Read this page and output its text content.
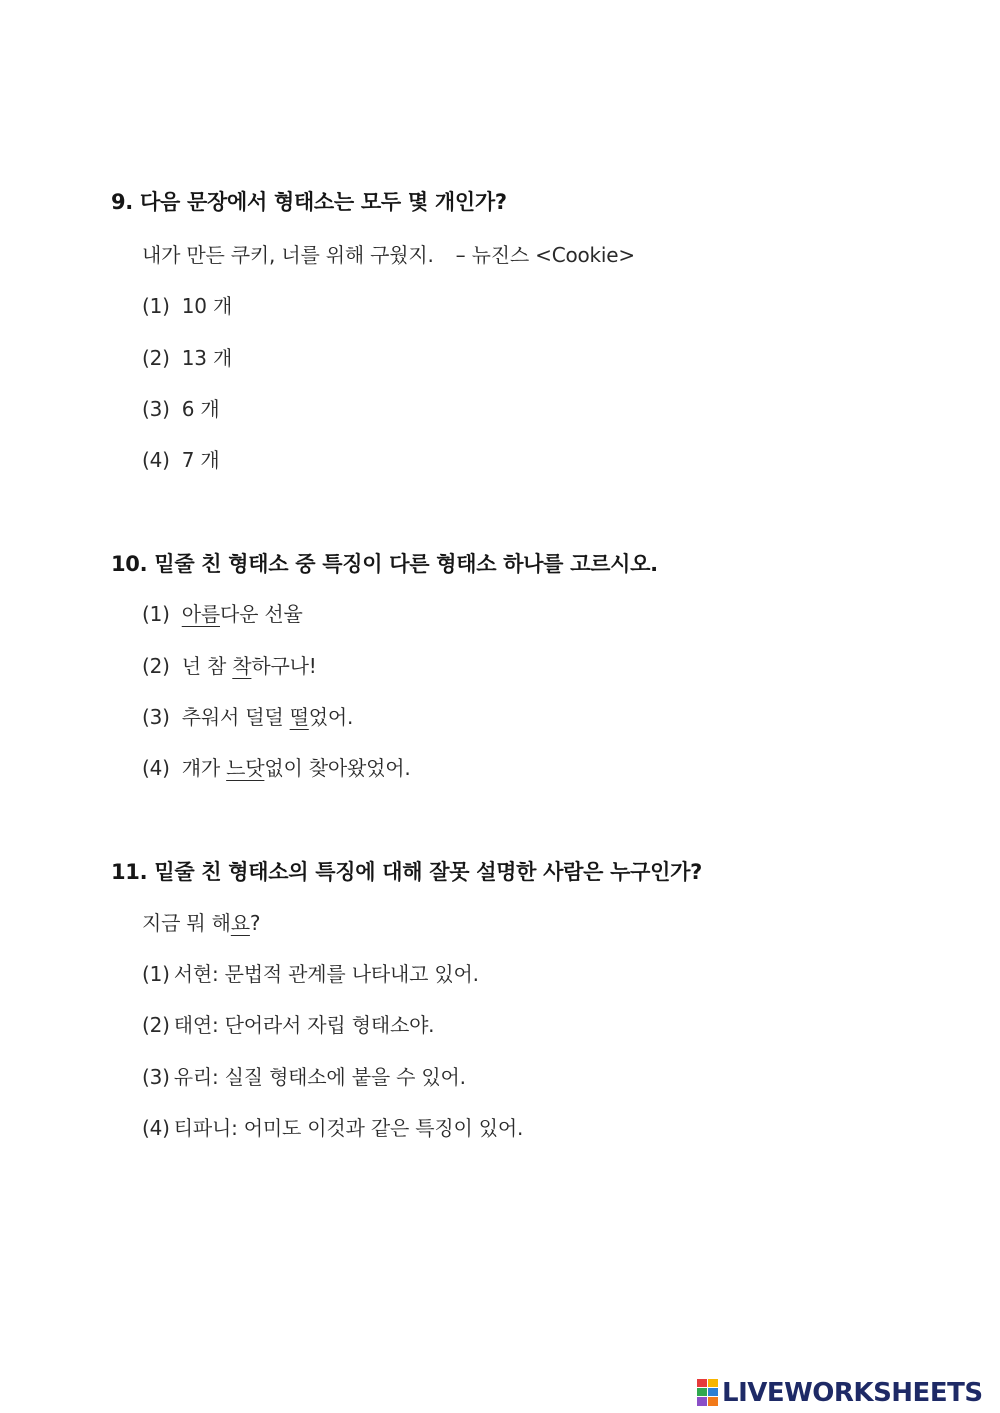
9. 다음 문장에서 형태소는 모두 몇 개인가?
내가 만든 쿠키, 너를 위해 구웠지. – 뉴진스 <Cookie>
(1) 10 개
(2) 13 개
(3) 6 개
(4) 7 개
10. 밑줄 친 형태소 중 특징이 다른 형태소 하나를 고르시오.
(1) 아름다운 선율
(2) 넌 참 착하구나!
(3) 추워서 덜덜 떨었어.
(4) 걔가 느닷없이 찾아왔었어.
11. 밑줄 친 형태소의 특징에 대해 잘못 설명한 사람은 누구인가?
지금 뭐 해요?
(1) 서현: 문법적 관계를 나타내고 있어.
(2) 태연: 단어라서 자립 형태소야.
(3) 유리: 실질 형태소에 붙을 수 있어.
(4) 티파니: 어미도 이것과 같은 특징이 있어.
LIVEWORKSHEETS
